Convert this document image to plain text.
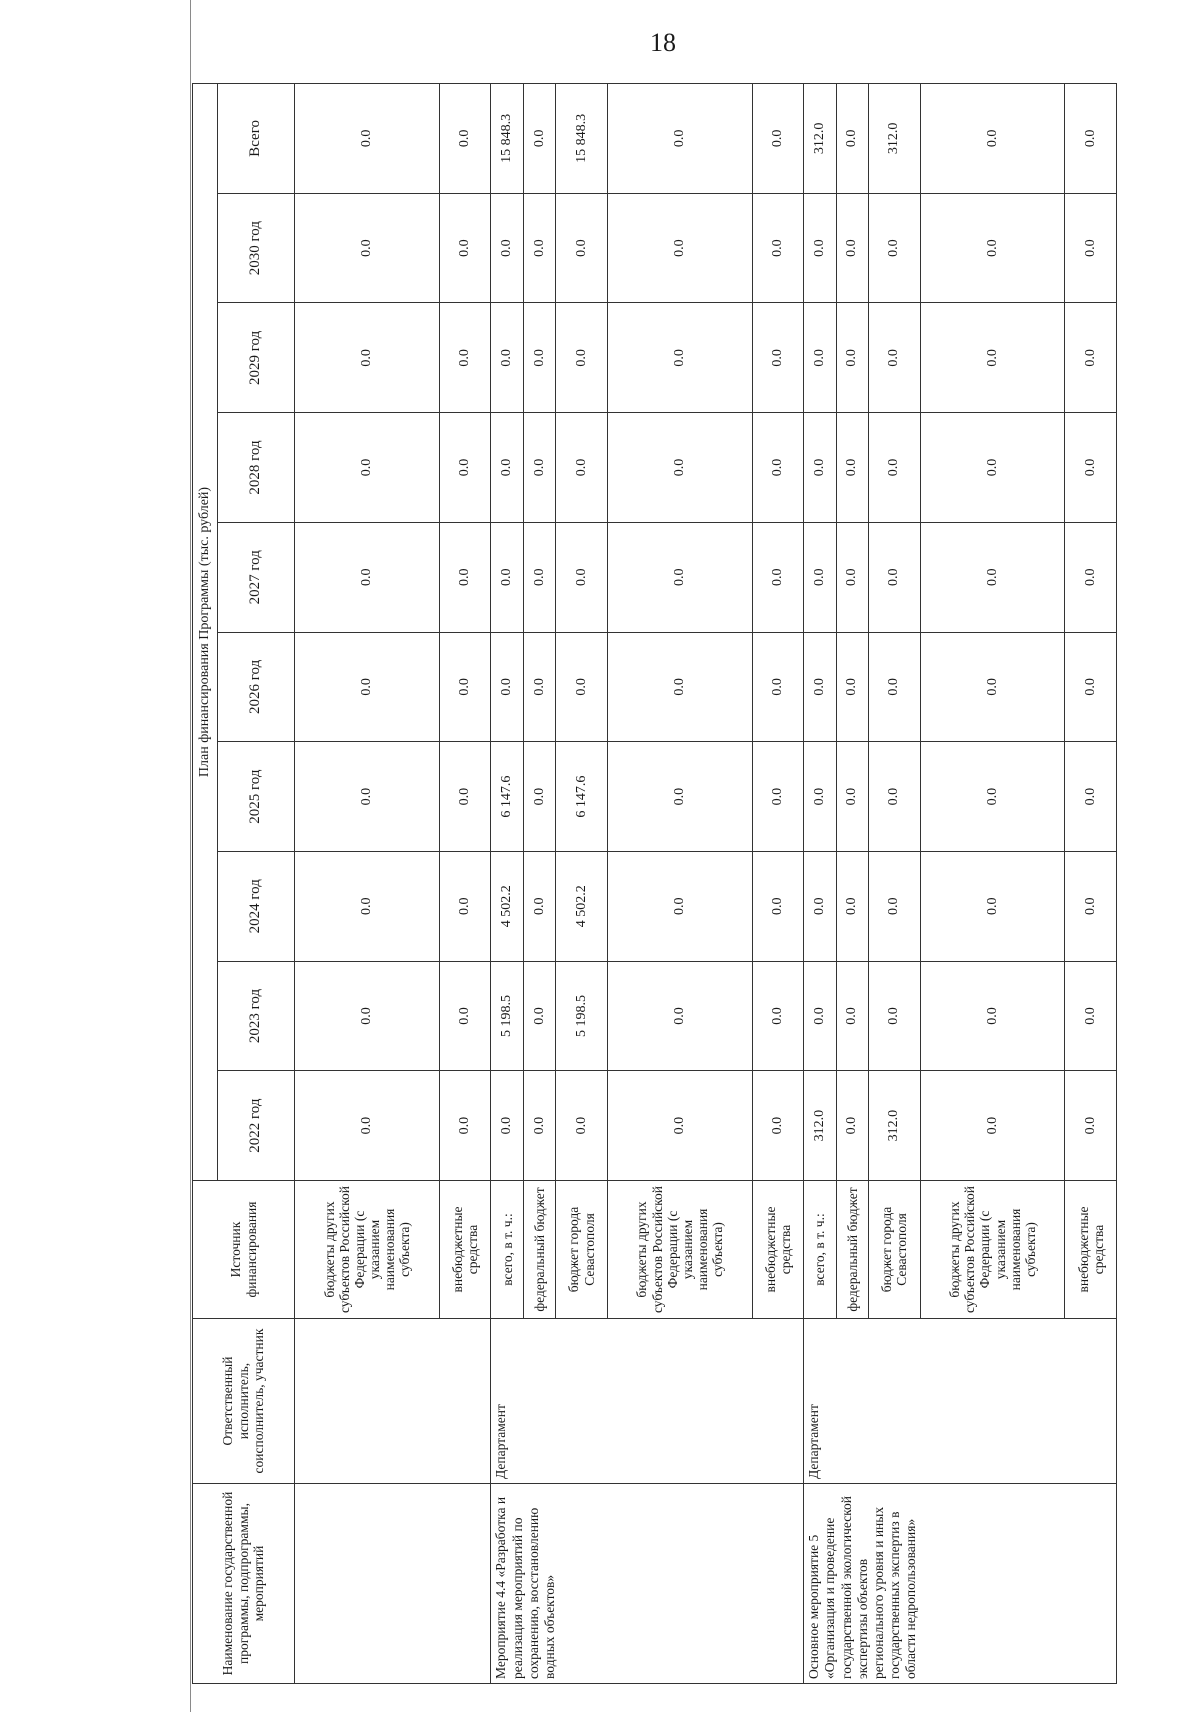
18
Наименование государственной программы, подпрограммы, мероприятий	Ответственный исполнитель, соисполнитель, участник	Источник финансирования	План финансирования Программы (тыс. рублей)									
			2022 год	2023 год	2024 год	2025 год	2026 год	2027 год	2028 год	2029 год	2030 год	Всего
		бюджеты других субъектов Российской Федерации (с указанием наименования субъекта)	0.0	0.0	0.0	0.0	0.0	0.0	0.0	0.0	0.0	0.0
		внебюджетные средства	0.0	0.0	0.0	0.0	0.0	0.0	0.0	0.0	0.0	0.0
Мероприятие 4.4 «Разработка и реализация мероприятий по сохранению, восстановлению водных объектов»	Департамент	всего, в т. ч.:	0.0	5 198.5	4 502.2	6 147.6	0.0	0.0	0.0	0.0	0.0	15 848.3
		федеральный бюджет	0.0	0.0	0.0	0.0	0.0	0.0	0.0	0.0	0.0	0.0
		бюджет города Севастополя	0.0	5 198.5	4 502.2	6 147.6	0.0	0.0	0.0	0.0	0.0	15 848.3
		бюджеты других субъектов Российской Федерации (с указанием наименования субъекта)	0.0	0.0	0.0	0.0	0.0	0.0	0.0	0.0	0.0	0.0
		внебюджетные средства	0.0	0.0	0.0	0.0	0.0	0.0	0.0	0.0	0.0	0.0
Основное мероприятие 5 «Организация и проведение государственной экологической экспертизы объектов регионального уровня и иных государственных экспертиз в области недропользования»	Департамент	всего, в т. ч.:	312.0	0.0	0.0	0.0	0.0	0.0	0.0	0.0	0.0	312.0
		федеральный бюджет	0.0	0.0	0.0	0.0	0.0	0.0	0.0	0.0	0.0	0.0
		бюджет города Севастополя	312.0	0.0	0.0	0.0	0.0	0.0	0.0	0.0	0.0	312.0
		бюджеты других субъектов Российской Федерации (с указанием наименования субъекта)	0.0	0.0	0.0	0.0	0.0	0.0	0.0	0.0	0.0	0.0
		внебюджетные средства	0.0	0.0	0.0	0.0	0.0	0.0	0.0	0.0	0.0	0.0
